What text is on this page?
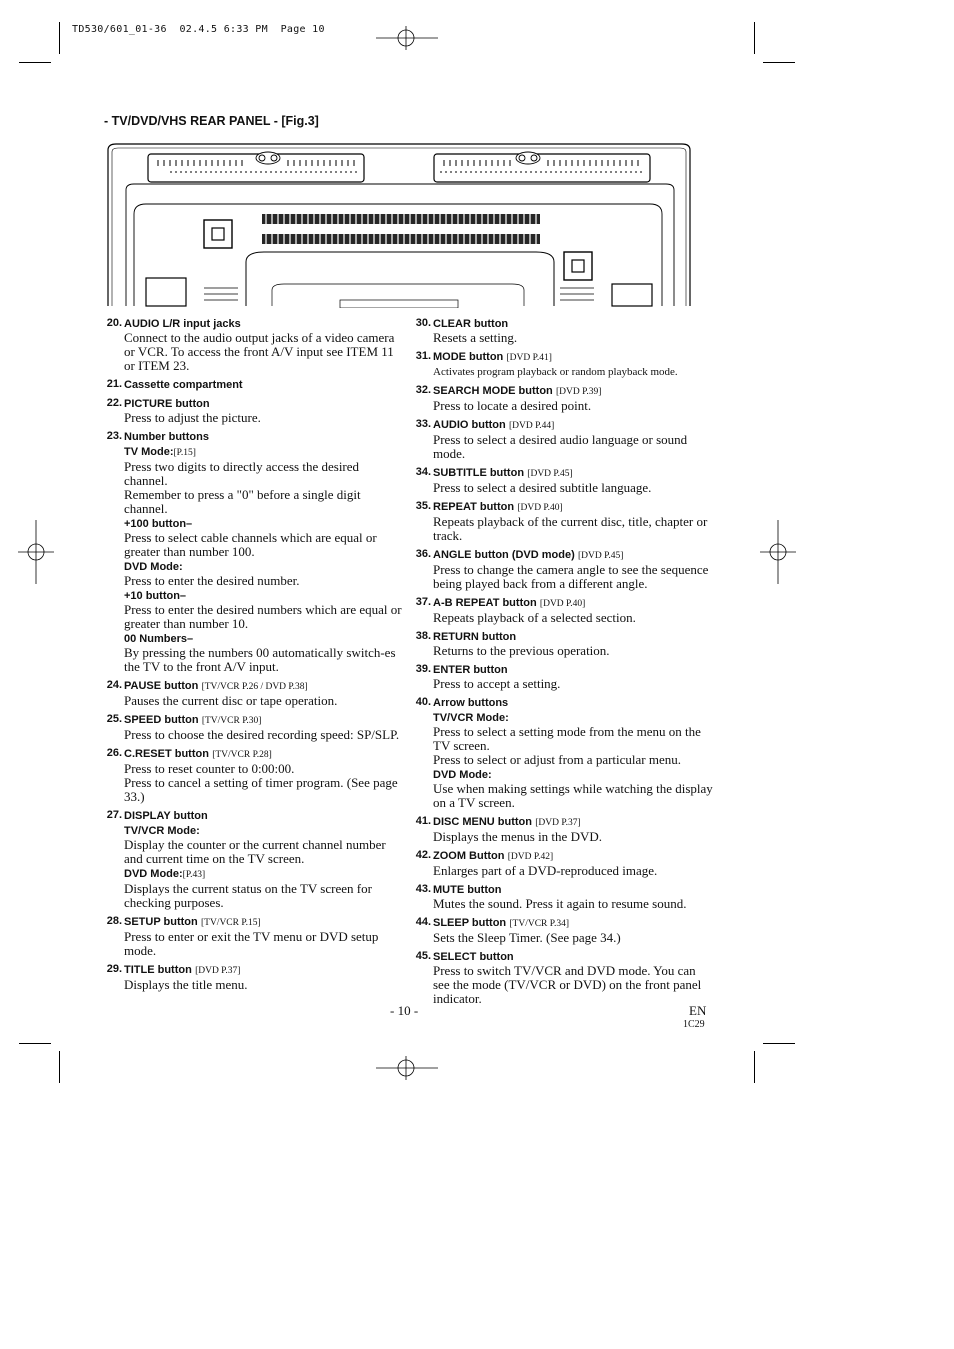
TD530/601_01-36  02.4.5 6:33 PM  Page 10
- TV/DVD/VHS REAR PANEL - [Fig.3]
20. AUDIO L/R input jacks
Connect to the audio output jacks of a video camera or VCR. To access the front A/V input see ITEM 11 or ITEM 23.
21. Cassette compartment
22. PICTURE button
Press to adjust the picture.
23. Number buttons
TV Mode:[P.15]
Press two digits to directly access the desired channel.
Remember to press a "0" before a single digit channel.
+100 button–
Press to select cable channels which are equal or greater than number 100.
DVD Mode:
Press to enter the desired number.
+10 button–
Press to enter the desired numbers which are equal or greater than number 10.
00 Numbers–
By pressing the numbers 00 automatically switch-es the TV to the front A/V input.
24. PAUSE button [TV/VCR P.26 / DVD P.38]
Pauses the current disc or tape operation.
25. SPEED button [TV/VCR P.30]
Press to choose the desired recording speed: SP/SLP.
26. C.RESET button [TV/VCR P.28]
Press to reset counter to 0:00:00.
Press to cancel a setting of timer program. (See page 33.)
27. DISPLAY button
TV/VCR Mode:
Display the counter or the current channel number and current time on the TV screen.
DVD Mode:[P.43]
Displays the current status on the TV screen for checking purposes.
28. SETUP button [TV/VCR P.15]
Press to enter or exit the TV menu or DVD setup mode.
29. TITLE button [DVD P.37]
Displays the title menu.
30. CLEAR button
Resets a setting.
31. MODE button [DVD P.41]
Activates program playback or random playback mode.
32. SEARCH MODE button [DVD P.39]
Press to locate a desired point.
33. AUDIO button [DVD P.44]
Press to select a desired audio language or sound mode.
34. SUBTITLE button [DVD P.45]
Press to select a desired subtitle language.
35. REPEAT button [DVD P.40]
Repeats playback of the current disc, title, chapter or track.
36. ANGLE button (DVD mode) [DVD P.45]
Press to change the camera angle to see the sequence being played back from a different angle.
37. A-B REPEAT button [DVD P.40]
Repeats playback of a selected section.
38. RETURN button
Returns to the previous operation.
39. ENTER button
Press to accept a setting.
40. Arrow buttons
TV/VCR Mode:
Press to select a setting mode from the menu on the TV screen.
Press to select or adjust from a particular menu.
DVD Mode:
Use when making settings while watching the display on a TV screen.
41. DISC MENU button [DVD P.37]
Displays the menus in the DVD.
42. ZOOM Button [DVD P.42]
Enlarges part of a DVD-reproduced image.
43. MUTE button
Mutes the sound. Press it again to resume sound.
44. SLEEP button [TV/VCR P.34]
Sets the Sleep Timer. (See page 34.)
45. SELECT button
Press to switch TV/VCR and DVD mode. You can see the mode (TV/VCR or DVD) on the front panel indicator.
- 10 -	EN
1C29
